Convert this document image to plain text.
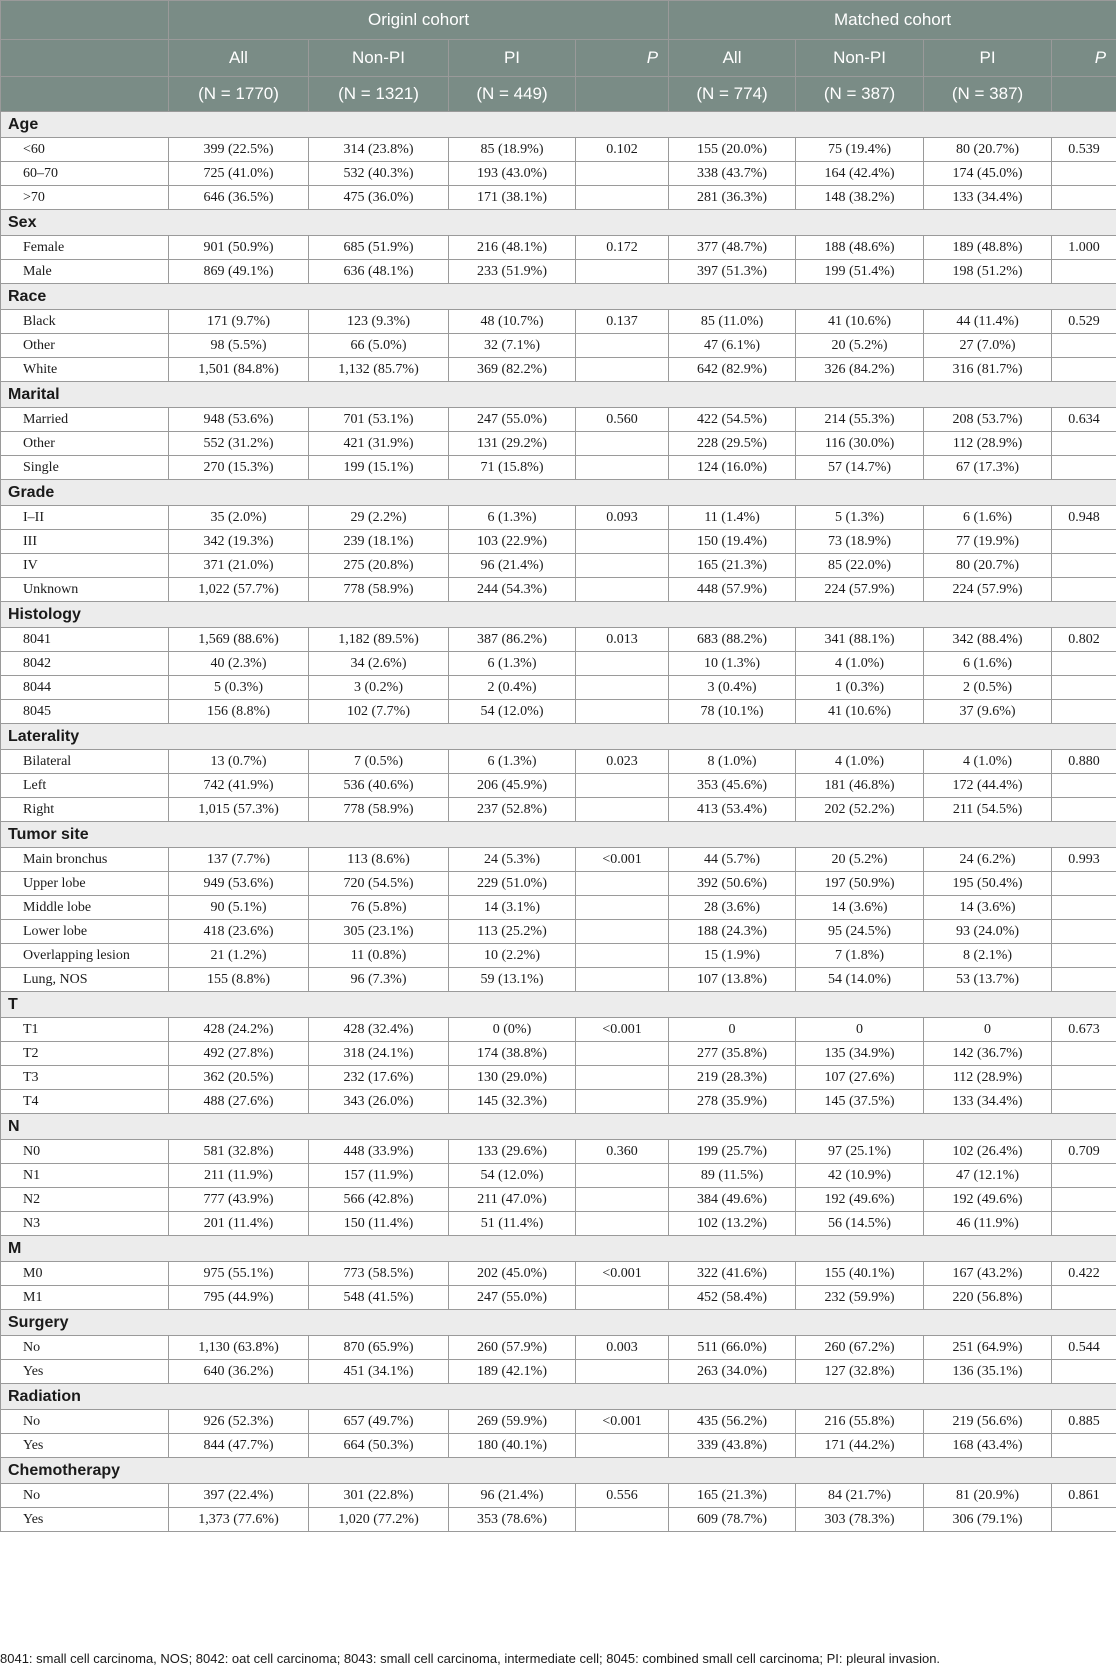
	Originl cohort				Matched cohort			
	All	Non-PI	PI	P	All	Non-PI	PI	P
	(N = 1770)	(N = 1321)	(N = 449)		(N = 774)	(N = 387)	(N = 387)	
Age								
<60	399 (22.5%)	314 (23.8%)	85 (18.9%)	0.102	155 (20.0%)	75 (19.4%)	80 (20.7%)	0.539
60–70	725 (41.0%)	532 (40.3%)	193 (43.0%)		338 (43.7%)	164 (42.4%)	174 (45.0%)	
>70	646 (36.5%)	475 (36.0%)	171 (38.1%)		281 (36.3%)	148 (38.2%)	133 (34.4%)	
Sex								
Female	901 (50.9%)	685 (51.9%)	216 (48.1%)	0.172	377 (48.7%)	188 (48.6%)	189 (48.8%)	1.000
Male	869 (49.1%)	636 (48.1%)	233 (51.9%)		397 (51.3%)	199 (51.4%)	198 (51.2%)	
Race								
Black	171 (9.7%)	123 (9.3%)	48 (10.7%)	0.137	85 (11.0%)	41 (10.6%)	44 (11.4%)	0.529
Other	98 (5.5%)	66 (5.0%)	32 (7.1%)		47 (6.1%)	20 (5.2%)	27 (7.0%)	
White	1,501 (84.8%)	1,132 (85.7%)	369 (82.2%)		642 (82.9%)	326 (84.2%)	316 (81.7%)	
Marital								
Married	948 (53.6%)	701 (53.1%)	247 (55.0%)	0.560	422 (54.5%)	214 (55.3%)	208 (53.7%)	0.634
Other	552 (31.2%)	421 (31.9%)	131 (29.2%)		228 (29.5%)	116 (30.0%)	112 (28.9%)	
Single	270 (15.3%)	199 (15.1%)	71 (15.8%)		124 (16.0%)	57 (14.7%)	67 (17.3%)	
Grade								
I–II	35 (2.0%)	29 (2.2%)	6 (1.3%)	0.093	11 (1.4%)	5 (1.3%)	6 (1.6%)	0.948
III	342 (19.3%)	239 (18.1%)	103 (22.9%)		150 (19.4%)	73 (18.9%)	77 (19.9%)	
IV	371 (21.0%)	275 (20.8%)	96 (21.4%)		165 (21.3%)	85 (22.0%)	80 (20.7%)	
Unknown	1,022 (57.7%)	778 (58.9%)	244 (54.3%)		448 (57.9%)	224 (57.9%)	224 (57.9%)	
Histology								
8041	1,569 (88.6%)	1,182 (89.5%)	387 (86.2%)	0.013	683 (88.2%)	341 (88.1%)	342 (88.4%)	0.802
8042	40 (2.3%)	34 (2.6%)	6 (1.3%)		10 (1.3%)	4 (1.0%)	6 (1.6%)	
8044	5 (0.3%)	3 (0.2%)	2 (0.4%)		3 (0.4%)	1 (0.3%)	2 (0.5%)	
8045	156 (8.8%)	102 (7.7%)	54 (12.0%)		78 (10.1%)	41 (10.6%)	37 (9.6%)	
Laterality								
Bilateral	13 (0.7%)	7 (0.5%)	6 (1.3%)	0.023	8 (1.0%)	4 (1.0%)	4 (1.0%)	0.880
Left	742 (41.9%)	536 (40.6%)	206 (45.9%)		353 (45.6%)	181 (46.8%)	172 (44.4%)	
Right	1,015 (57.3%)	778 (58.9%)	237 (52.8%)		413 (53.4%)	202 (52.2%)	211 (54.5%)	
Tumor site								
Main bronchus	137 (7.7%)	113 (8.6%)	24 (5.3%)	<0.001	44 (5.7%)	20 (5.2%)	24 (6.2%)	0.993
Upper lobe	949 (53.6%)	720 (54.5%)	229 (51.0%)		392 (50.6%)	197 (50.9%)	195 (50.4%)	
Middle lobe	90 (5.1%)	76 (5.8%)	14 (3.1%)		28 (3.6%)	14 (3.6%)	14 (3.6%)	
Lower lobe	418 (23.6%)	305 (23.1%)	113 (25.2%)		188 (24.3%)	95 (24.5%)	93 (24.0%)	
Overlapping lesion	21 (1.2%)	11 (0.8%)	10 (2.2%)		15 (1.9%)	7 (1.8%)	8 (2.1%)	
Lung, NOS	155 (8.8%)	96 (7.3%)	59 (13.1%)		107 (13.8%)	54 (14.0%)	53 (13.7%)	
T								
T1	428 (24.2%)	428 (32.4%)	0 (0%)	<0.001	0	0	0	0.673
T2	492 (27.8%)	318 (24.1%)	174 (38.8%)		277 (35.8%)	135 (34.9%)	142 (36.7%)	
T3	362 (20.5%)	232 (17.6%)	130 (29.0%)		219 (28.3%)	107 (27.6%)	112 (28.9%)	
T4	488 (27.6%)	343 (26.0%)	145 (32.3%)		278 (35.9%)	145 (37.5%)	133 (34.4%)	
N								
N0	581 (32.8%)	448 (33.9%)	133 (29.6%)	0.360	199 (25.7%)	97 (25.1%)	102 (26.4%)	0.709
N1	211 (11.9%)	157 (11.9%)	54 (12.0%)		89 (11.5%)	42 (10.9%)	47 (12.1%)	
N2	777 (43.9%)	566 (42.8%)	211 (47.0%)		384 (49.6%)	192 (49.6%)	192 (49.6%)	
N3	201 (11.4%)	150 (11.4%)	51 (11.4%)		102 (13.2%)	56 (14.5%)	46 (11.9%)	
M								
M0	975 (55.1%)	773 (58.5%)	202 (45.0%)	<0.001	322 (41.6%)	155 (40.1%)	167 (43.2%)	0.422
M1	795 (44.9%)	548 (41.5%)	247 (55.0%)		452 (58.4%)	232 (59.9%)	220 (56.8%)	
Surgery								
No	1,130 (63.8%)	870 (65.9%)	260 (57.9%)	0.003	511 (66.0%)	260 (67.2%)	251 (64.9%)	0.544
Yes	640 (36.2%)	451 (34.1%)	189 (42.1%)		263 (34.0%)	127 (32.8%)	136 (35.1%)	
Radiation								
No	926 (52.3%)	657 (49.7%)	269 (59.9%)	<0.001	435 (56.2%)	216 (55.8%)	219 (56.6%)	0.885
Yes	844 (47.7%)	664 (50.3%)	180 (40.1%)		339 (43.8%)	171 (44.2%)	168 (43.4%)	
Chemotherapy								
No	397 (22.4%)	301 (22.8%)	96 (21.4%)	0.556	165 (21.3%)	84 (21.7%)	81 (20.9%)	0.861
Yes	1,373 (77.6%)	1,020 (77.2%)	353 (78.6%)		609 (78.7%)	303 (78.3%)	306 (79.1%)	
8041: small cell carcinoma, NOS; 8042: oat cell carcinoma; 8043: small cell carcinoma, intermediate cell; 8045: combined small cell carcinoma; PI: pleural invasion.
